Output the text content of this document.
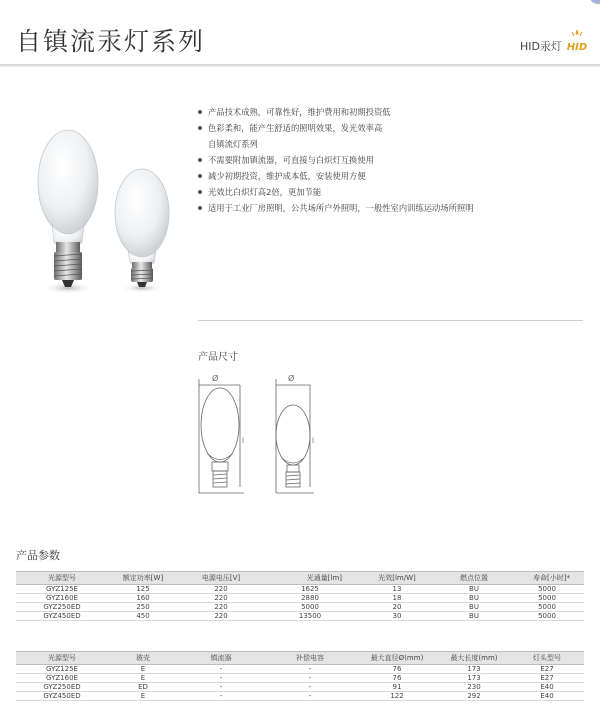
自镇流汞灯系列	HID汞灯 HID
产品技术成熟，可靠性好，维护费用和初期投资低
色彩柔和，能产生舒适的照明效果，发光效率高
自镇流灯系列
不需要附加镇流器，可直接与白炽灯互换使用
减少初期投资，维护成本低，安装使用方便
光效比白炽灯高2倍，更加节能
适用于工业厂房照明，公共场所户外照明，一般性室内训练运动场所照明
产品尺寸
Ø	Ø
l	l
产品参数
光源型号	额定功率[W]	电源电压[V]	光通量[lm]	光效[lm/W]	燃点位置	寿命[小时]*
GYZ125E	125	220	1625	13	BU	5000
GYZ160E	160	220	2880	18	BU	5000
GYZ250ED	250	220	5000	20	BU	5000
GYZ450ED	450	220	13500	30	BU	5000
光源型号	玻壳	镇流器	补偿电容	最大直径Ø(mm)	最大长度(mm)	灯头型号
GYZ125E	E	-	-	76	173	E27
GYZ160E	E	-	-	76	173	E27
GYZ250ED	ED	-	-	91	230	E40
GYZ450ED	E	-	-	122	292	E40
